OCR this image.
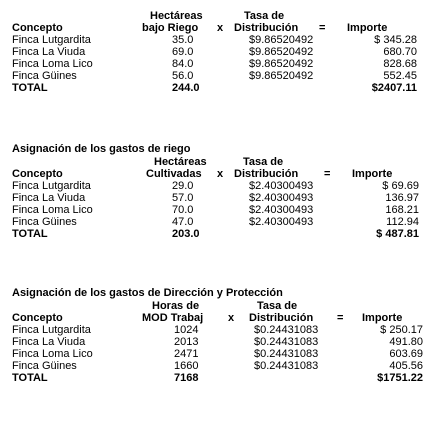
Hectáreas	Tasa de
Concepto	bajo Riego x Distribución = Importe
Finca Lutgardita	35.0	$9.86520492	$ 345.28
Finca La Viuda	69.0	$9.86520492	680.70
Finca Loma Lico	84.0	$9.86520492	828.68
Finca Güines	56.0	$9.86520492	552.45
TOTAL	244.0	$2407.11
Asignación de los gastos de riego
Hectáreas	Tasa de
Concepto	Cultivadas x Distribución = Importe
Finca Lutgardita	29.0	$2.40300493	$ 69.69
Finca La Viuda	57.0	$2.40300493	136.97
Finca Loma Lico	70.0	$2.40300493	168.21
Finca Güines	47.0	$2.40300493	112.94
TOTAL	203.0	$ 487.81
Asignación de los gastos de Dirección y Protección
Horas de	Tasa de
Concepto	MOD Trabaj x Distribución = Importe
Finca Lutgardita	1024	$0.24431083	$ 250.17
Finca La Viuda	2013	$0.24431083	491.80
Finca Loma Lico	2471	$0.24431083	603.69
Finca Güines	1660	$0.24431083	405.56
TOTAL	7168	$1751.22
